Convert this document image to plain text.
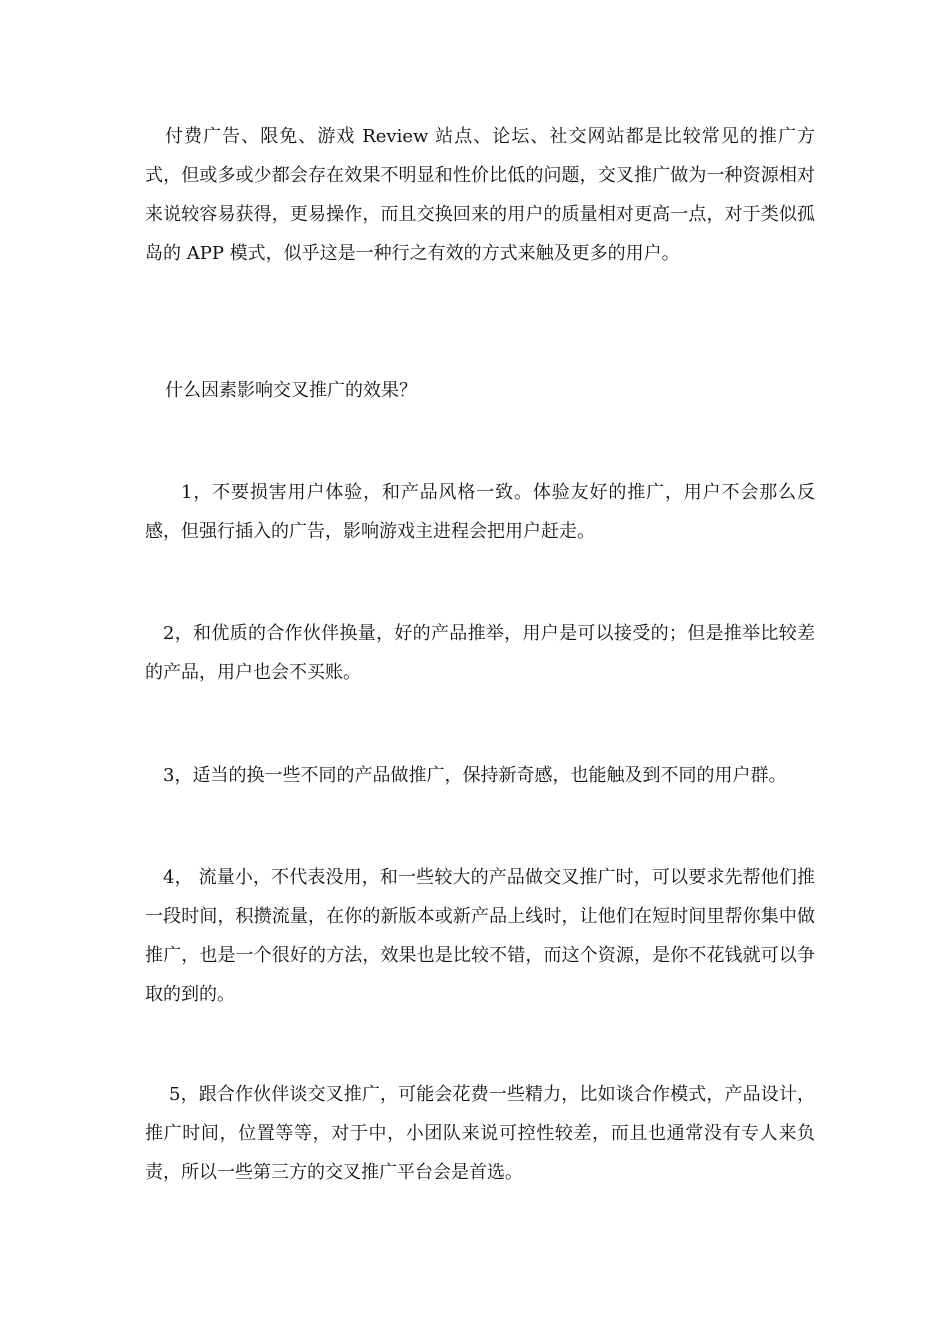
付费广告、限免、游戏 Review 站点、论坛、社交网站都是比较常见的推广方式，但或多或少都会存在效果不明显和性价比低的问题，交叉推广做为一种资源相对来说较容易获得，更易操作，而且交换回来的用户的质量相对更高一点，对于类似孤岛的 APP 模式，似乎这是一种行之有效的方式来触及更多的用户。

什么因素影响交叉推广的效果？

1，不要损害用户体验，和产品风格一致。体验友好的推广，用户不会那么反感，但强行插入的广告，影响游戏主进程会把用户赶走。

2，和优质的合作伙伴换量，好的产品推举，用户是可以接受的；但是推举比较差的产品，用户也会不买账。

3，适当的换一些不同的产品做推广，保持新奇感，也能触及到不同的用户群。

4， 流量小，不代表没用，和一些较大的产品做交叉推广时，可以要求先帮他们推一段时间，积攒流量，在你的新版本或新产品上线时，让他们在短时间里帮你集中做推广，也是一个很好的方法，效果也是比较不错，而这个资源，是你不花钱就可以争取的到的。

5，跟合作伙伴谈交叉推广，可能会花费一些精力，比如谈合作模式，产品设计，推广时间，位置等等，对于中，小团队来说可控性较差，而且也通常没有专人来负责，所以一些第三方的交叉推广平台会是首选。
